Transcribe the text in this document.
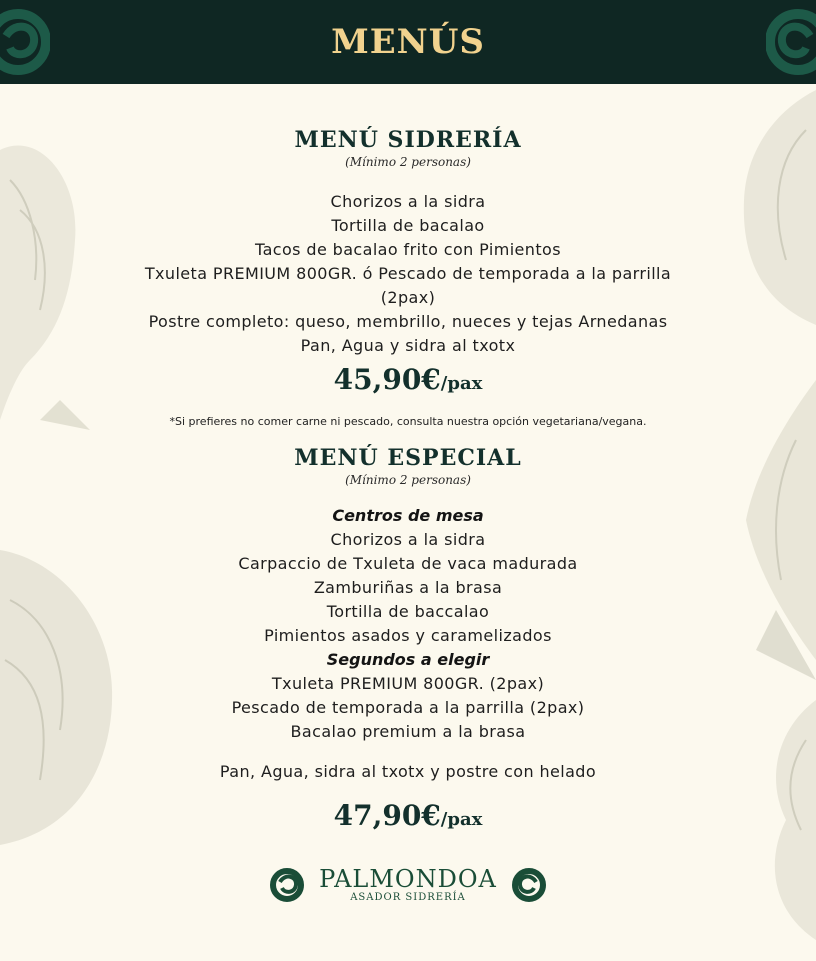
MENÚS
MENÚ SIDRERÍA
(Mínimo 2 personas)
Chorizos a la sidra
Tortilla de bacalao
Tacos de bacalao frito con Pimientos
Txuleta PREMIUM 800GR. ó Pescado de temporada a la parrilla
(2pax)
Postre completo: queso, membrillo, nueces y tejas Arnedanas
Pan, Agua y sidra al txotx
45,90€/pax
*Si prefieres no comer carne ni pescado, consulta nuestra opción vegetariana/vegana.
MENÚ ESPECIAL
(Mínimo 2 personas)
Centros de mesa
Chorizos a la sidra
Carpaccio de Txuleta de vaca madurada
Zamburiñas a la brasa
Tortilla de baccalao
Pimientos asados y caramelizados
Segundos a elegir
Txuleta PREMIUM 800GR. (2pax)
Pescado de temporada a la parrilla (2pax)
Bacalao premium a la brasa
Pan, Agua, sidra al txotx y postre con helado
47,90€/pax
PALMONDOA
ASADOR SIDRERÍA
